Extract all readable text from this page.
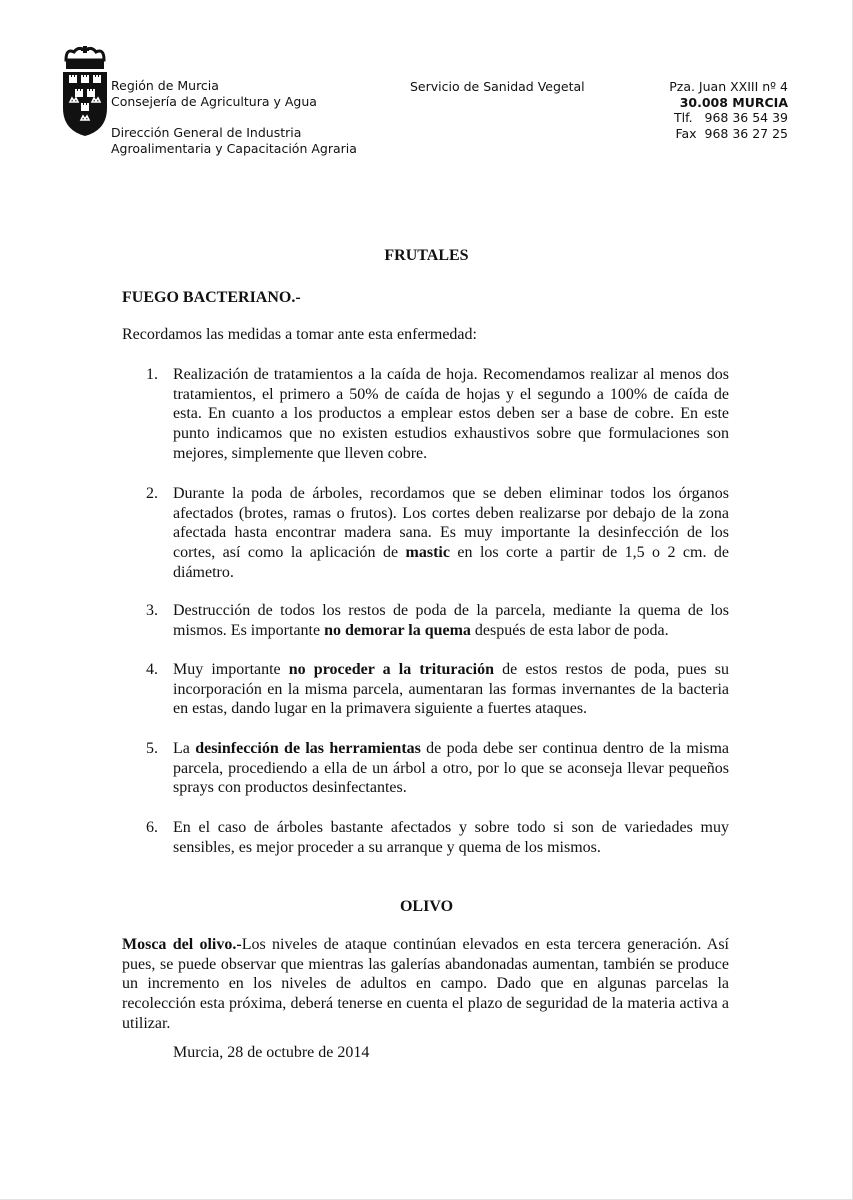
Región de Murcia
Consejería de Agricultura y Agua
Dirección General de Industria
Agroalimentaria y Capacitación Agraria
Servicio de Sanidad Vegetal	Pza. Juan XXIII nº 4
30.008 MURCIA
Tlf.   968 36 54 39
Fax  968 36 27 25
FRUTALES
FUEGO BACTERIANO.-
Recordamos las medidas a tomar ante esta enfermedad:
1. Realización de tratamientos a la caída de hoja. Recomendamos realizar al menos dos tratamientos, el primero a 50% de caída de hojas y el segundo a 100% de caída de esta. En cuanto a los productos a emplear estos deben ser a base de cobre. En este punto indicamos que no existen estudios exhaustivos sobre que formulaciones son mejores, simplemente que lleven cobre.
2. Durante la poda de árboles, recordamos que se deben eliminar todos los órganos afectados (brotes, ramas o frutos). Los cortes deben realizarse por debajo de la zona afectada hasta encontrar madera sana. Es muy importante la desinfección de los cortes, así como la aplicación de mastic en los corte a partir de 1,5 o 2 cm. de diámetro.
3. Destrucción de todos los restos de poda de la parcela, mediante la quema de los mismos. Es importante no demorar la quema después de esta labor de poda.
4. Muy importante no proceder a la trituración de estos restos de poda, pues su incorporación en la misma parcela, aumentaran las formas invernantes de la bacteria en estas, dando lugar en la primavera siguiente a fuertes ataques.
5. La desinfección de las herramientas de poda debe ser continua dentro de la misma parcela, procediendo a ella de un árbol a otro, por lo que se aconseja llevar pequeños sprays con productos desinfectantes.
6. En el caso de árboles bastante afectados y sobre todo si son de variedades muy sensibles, es mejor proceder a su arranque y quema de los mismos.
OLIVO
Mosca del olivo.-Los niveles de ataque continúan elevados en esta tercera generación. Así pues, se puede observar que mientras las galerías abandonadas aumentan, también se produce un incremento en los niveles de adultos en campo. Dado que en algunas parcelas la recolección esta próxima, deberá tenerse en cuenta el plazo de seguridad de la materia activa a utilizar.
Murcia, 28 de octubre de 2014
